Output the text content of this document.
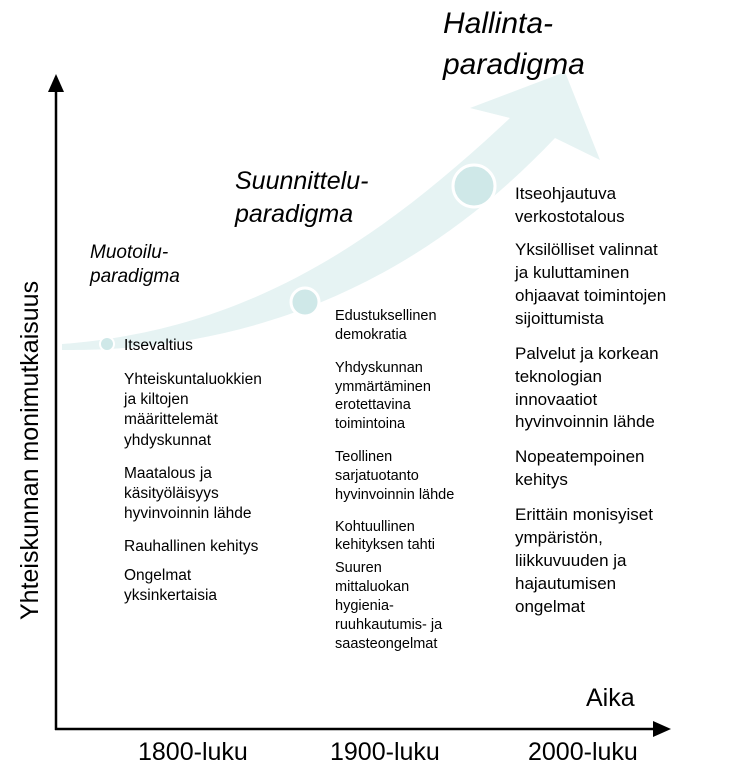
Yhteiskunnan monimutkaisuus
Aika
Muotoilu-
paradigma
Suunnittelu-
paradigma
Hallinta-
paradigma
Itsevaltius
Yhteiskuntaluokkien
ja kiltojen
määrittelemät
yhdyskunnat
Maatalous ja
käsityöläisyys
hyvinvoinnin lähde
Rauhallinen kehitys
Ongelmat
yksinkertaisia
Edustuksellinen
demokratia
Yhdyskunnan
ymmärtäminen
erotettavina
toimintoina
Teollinen
sarjatuotanto
hyvinvoinnin lähde
Kohtuullinen
kehityksen tahti
Suuren
mittaluokan
hygienia-
ruuhkautumis- ja
saasteongelmat
Itseohjautuva
verkostotalous
Yksilölliset valinnat
ja kuluttaminen
ohjaavat toimintojen
sijoittumista
Palvelut ja korkean
teknologian
innovaatiot
hyvinvoinnin lähde
Nopeatempoinen
kehitys
Erittäin monisyiset
ympäristön,
liikkuvuuden ja
hajautumisen
ongelmat
1800-luku	1900-luku	2000-luku
